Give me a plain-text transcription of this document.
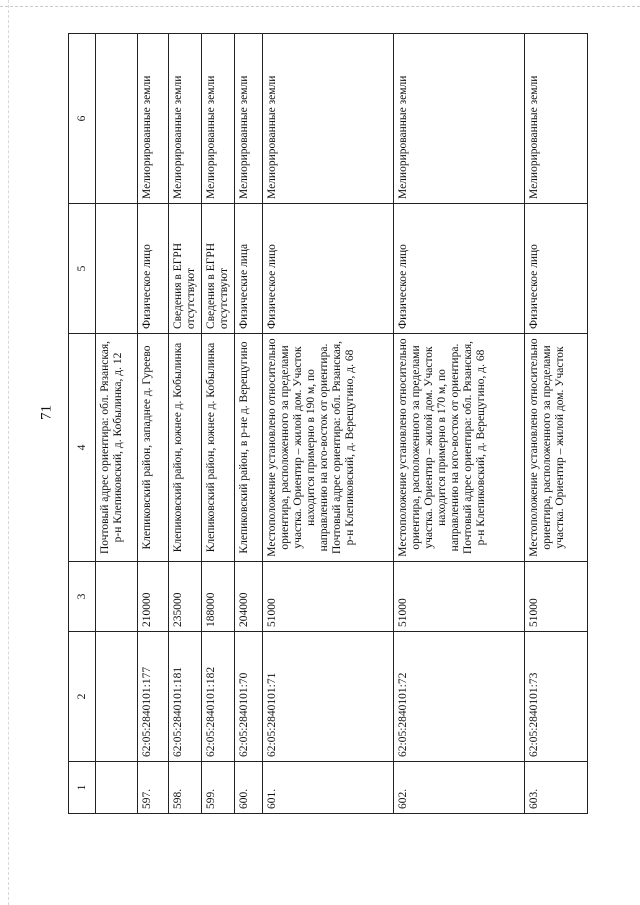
71
1	2	3	4	5	6
			Почтовый адрес ориентира: обл. Рязанская, р-н Клепиковский, д. Кобылинка, д. 12		
597.	62:05:2840101:177	210000	Клепиковский район, западнее д. Гуреево	Физическое лицо	Мелиорированные земли
598.	62:05:2840101:181	235000	Клепиковский район, южнее д. Кобылинка	Сведения в ЕГРН отсутствуют	Мелиорированные земли
599.	62:05:2840101:182	188000	Клепиковский район, южнее д. Кобылинка	Сведения в ЕГРН отсутствуют	Мелиорированные земли
600.	62:05:2840101:70	204000	Клепиковский район, в р-не д. Верещугино	Физические лица	Мелиорированные земли
601.	62:05:2840101:71	51000	Местоположение установлено относительно ориентира, расположенного за пределами участка. Ориентир – жилой дом. Участок находится примерно в 190 м, по направлению на юго-восток от ориентира. Почтовый адрес ориентира: обл. Рязанская, р-н Клепиковский, д. Верещугино, д. 68	Физическое лицо	Мелиорированные земли
602.	62:05:2840101:72	51000	Местоположение установлено относительно ориентира, расположенного за пределами участка. Ориентир – жилой дом. Участок находится примерно в 170 м, по направлению на юго-восток от ориентира. Почтовый адрес ориентира: обл. Рязанская, р-н Клепиковский, д. Верещугино, д. 68	Физическое лицо	Мелиорированные земли
603.	62:05:2840101:73	51000	Местоположение установлено относительно ориентира, расположенного за пределами участка. Ориентир – жилой дом. Участок	Физическое лицо	Мелиорированные земли
